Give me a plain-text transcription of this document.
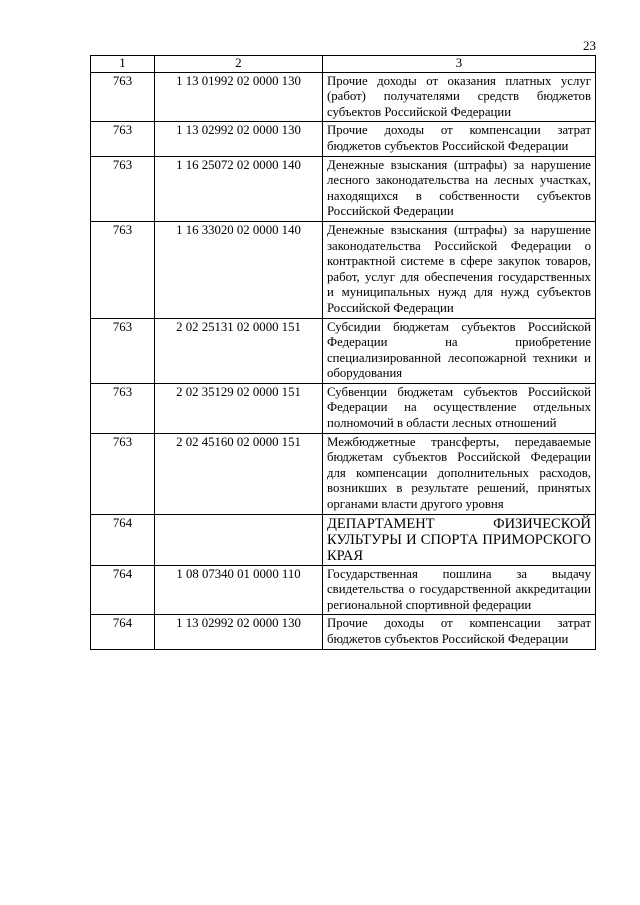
23
1	2	3
763	1 13 01992 02 0000 130	Прочие доходы от оказания платных услуг (работ) получателями средств бюджетов субъектов Российской Федерации
763	1 13 02992 02 0000 130	Прочие доходы от компенсации затрат бюджетов субъектов Российской Федерации
763	1 16 25072 02 0000 140	Денежные взыскания (штрафы) за нарушение лесного законодательства на лесных участках, находящихся в собственности субъектов Российской Федерации
763	1 16 33020 02 0000 140	Денежные взыскания (штрафы) за нарушение законодательства Российской Федерации о контрактной системе в сфере закупок товаров, работ, услуг для обеспечения государственных и муниципальных нужд для нужд субъектов Российской Федерации
763	2 02 25131 02 0000 151	Субсидии бюджетам субъектов Российской Федерации на приобретение специализированной лесопожарной техники и оборудования
763	2 02 35129 02 0000 151	Субвенции бюджетам субъектов Российской Федерации на осуществление отдельных полномочий в области лесных отношений
763	2 02 45160 02 0000 151	Межбюджетные трансферты, передаваемые бюджетам субъектов Российской Федерации для компенсации дополнительных расходов, возникших в результате решений, принятых органами власти другого уровня
764		ДЕПАРТАМЕНТ ФИЗИЧЕСКОЙ КУЛЬТУРЫ И СПОРТА ПРИМОРСКОГО КРАЯ
764	1 08 07340 01 0000 110	Государственная пошлина за выдачу свидетельства о государственной аккредитации региональной спортивной федерации
764	1 13 02992 02 0000 130	Прочие доходы от компенсации затрат бюджетов субъектов Российской Федерации
